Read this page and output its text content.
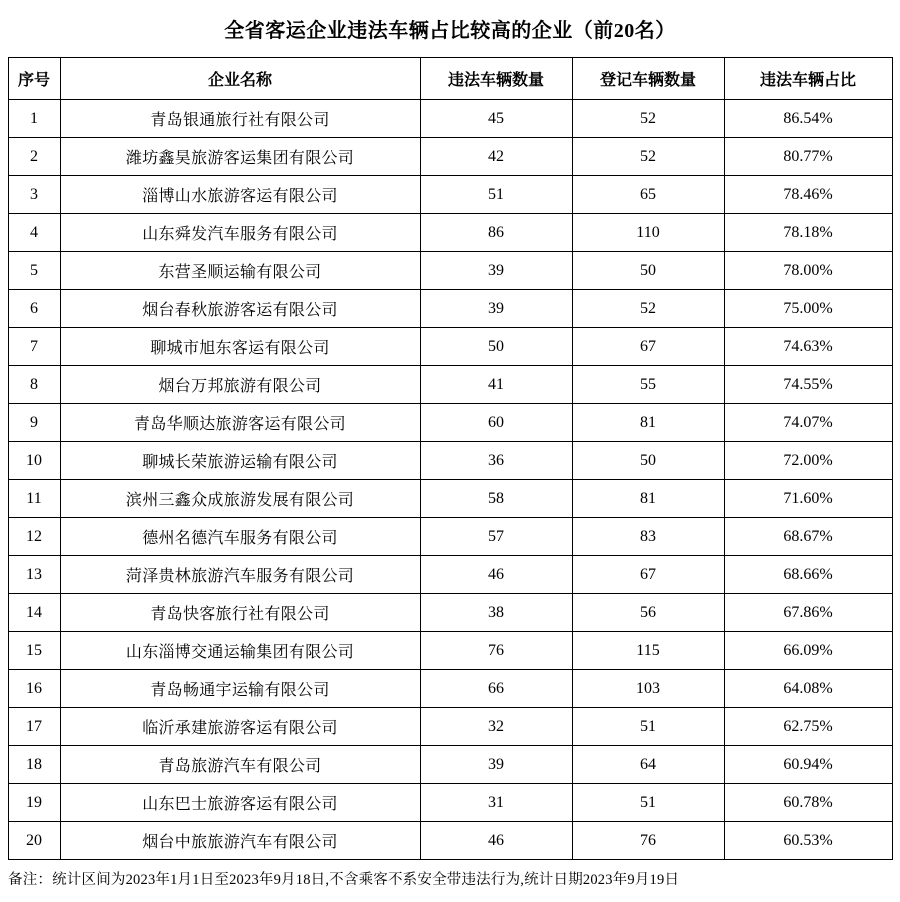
全省客运企业违法车辆占比较高的企业（前20名）
序号	企业名称	违法车辆数量	登记车辆数量	违法车辆占比
1	青岛银通旅行社有限公司	45	52	86.54%
2	潍坊鑫昊旅游客运集团有限公司	42	52	80.77%
3	淄博山水旅游客运有限公司	51	65	78.46%
4	山东舜发汽车服务有限公司	86	110	78.18%
5	东营圣顺运输有限公司	39	50	78.00%
6	烟台春秋旅游客运有限公司	39	52	75.00%
7	聊城市旭东客运有限公司	50	67	74.63%
8	烟台万邦旅游有限公司	41	55	74.55%
9	青岛华顺达旅游客运有限公司	60	81	74.07%
10	聊城长荣旅游运输有限公司	36	50	72.00%
11	滨州三鑫众成旅游发展有限公司	58	81	71.60%
12	德州名德汽车服务有限公司	57	83	68.67%
13	菏泽贵林旅游汽车服务有限公司	46	67	68.66%
14	青岛快客旅行社有限公司	38	56	67.86%
15	山东淄博交通运输集团有限公司	76	115	66.09%
16	青岛畅通宇运输有限公司	66	103	64.08%
17	临沂承建旅游客运有限公司	32	51	62.75%
18	青岛旅游汽车有限公司	39	64	60.94%
19	山东巴士旅游客运有限公司	31	51	60.78%
20	烟台中旅旅游汽车有限公司	46	76	60.53%
备注：统计区间为2023年1月1日至2023年9月18日,不含乘客不系安全带违法行为,统计日期2023年9月19日
